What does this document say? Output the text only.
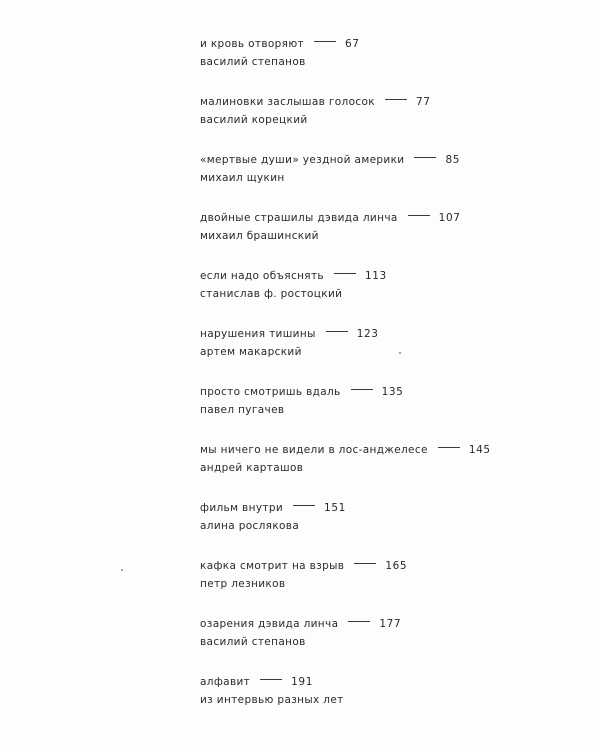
и кровь отворяют	67
василий степанов
малиновки заслышав голосок	77
василий корецкий
«мертвые души» уездной америки	85
михаил щукин
двойные страшилы дэвида линча	107
михаил брашинский
если надо объяснять	113
станислав ф. ростоцкий
нарушения тишины	123
артем макарский
просто смотришь вдаль	135
павел пугачев
мы ничего не видели в лос-анджелесе	145
андрей карташов
фильм внутри	151
алина рослякова
кафка смотрит на взрыв	165
петр лезников
озарения дэвида линча	177
василий степанов
алфавит	191
из интервью разных лет
